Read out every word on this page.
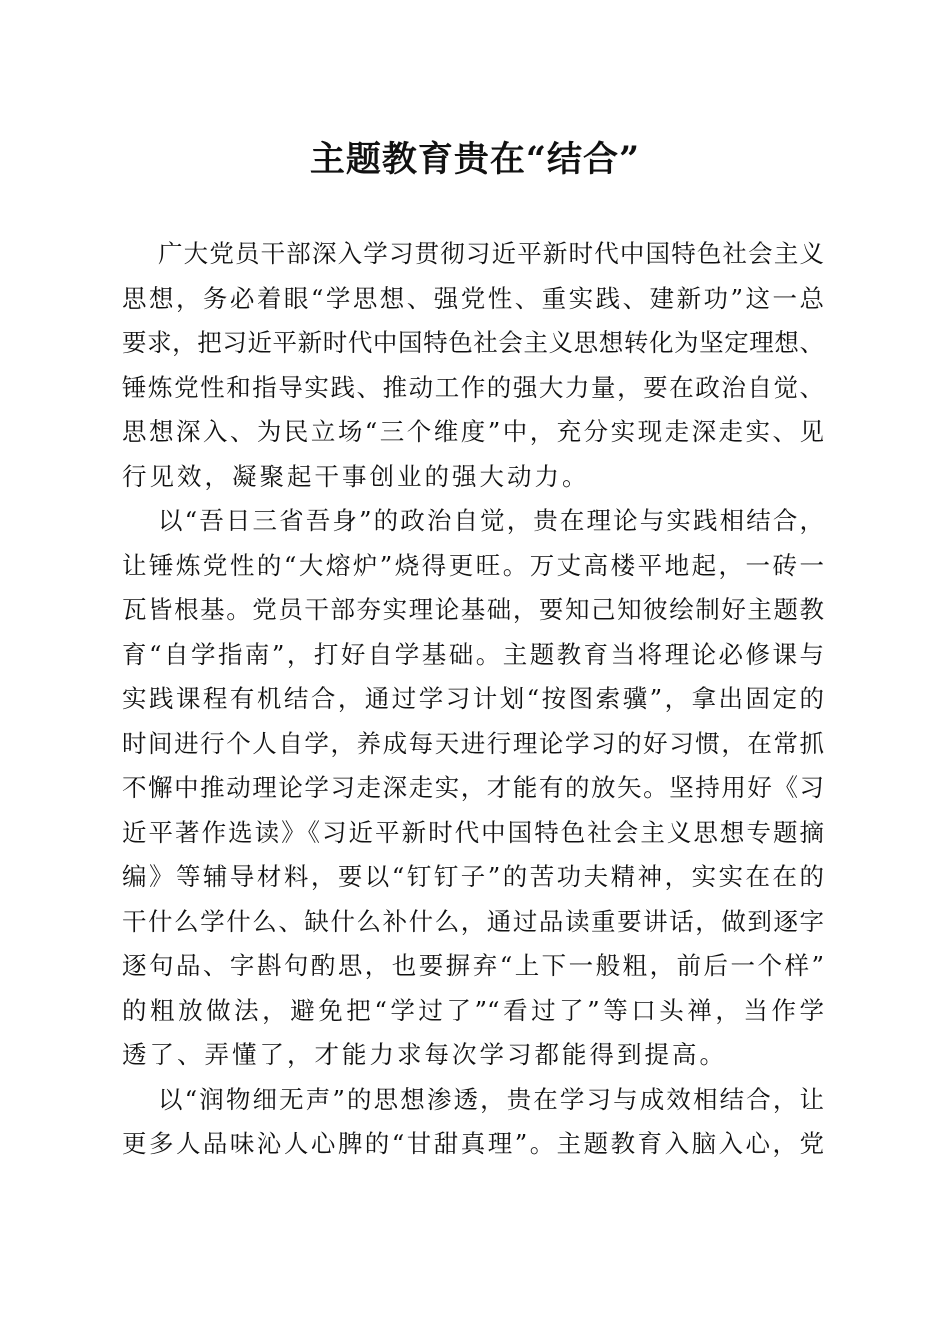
主题教育贵在“结合”

广大党员干部深入学习贯彻习近平新时代中国特色社会主义
思想，务必着眼“学思想、强党性、重实践、建新功”这一总
要求，把习近平新时代中国特色社会主义思想转化为坚定理想、
锤炼党性和指导实践、推动工作的强大力量，要在政治自觉、
思想深入、为民立场“三个维度”中，充分实现走深走实、见
行见效，凝聚起干事创业的强大动力。

以“吾日三省吾身”的政治自觉，贵在理论与实践相结合，
让锤炼党性的“大熔炉”烧得更旺。万丈高楼平地起，一砖一
瓦皆根基。党员干部夯实理论基础，要知己知彼绘制好主题教
育“自学指南”，打好自学基础。主题教育当将理论必修课与
实践课程有机结合，通过学习计划“按图索骥”，拿出固定的
时间进行个人自学，养成每天进行理论学习的好习惯，在常抓
不懈中推动理论学习走深走实，才能有的放矢。坚持用好《习
近平著作选读》《习近平新时代中国特色社会主义思想专题摘
编》等辅导材料，要以“钉钉子”的苦功夫精神，实实在在的
干什么学什么、缺什么补什么，通过品读重要讲话，做到逐字
逐句品、字斟句酌思，也要摒弃“上下一般粗，前后一个样”
的粗放做法，避免把“学过了”“看过了”等口头禅，当作学
透了、弄懂了，才能力求每次学习都能得到提高。

以“润物细无声”的思想渗透，贵在学习与成效相结合，让
更多人品味沁人心脾的“甘甜真理”。主题教育入脑入心，党
